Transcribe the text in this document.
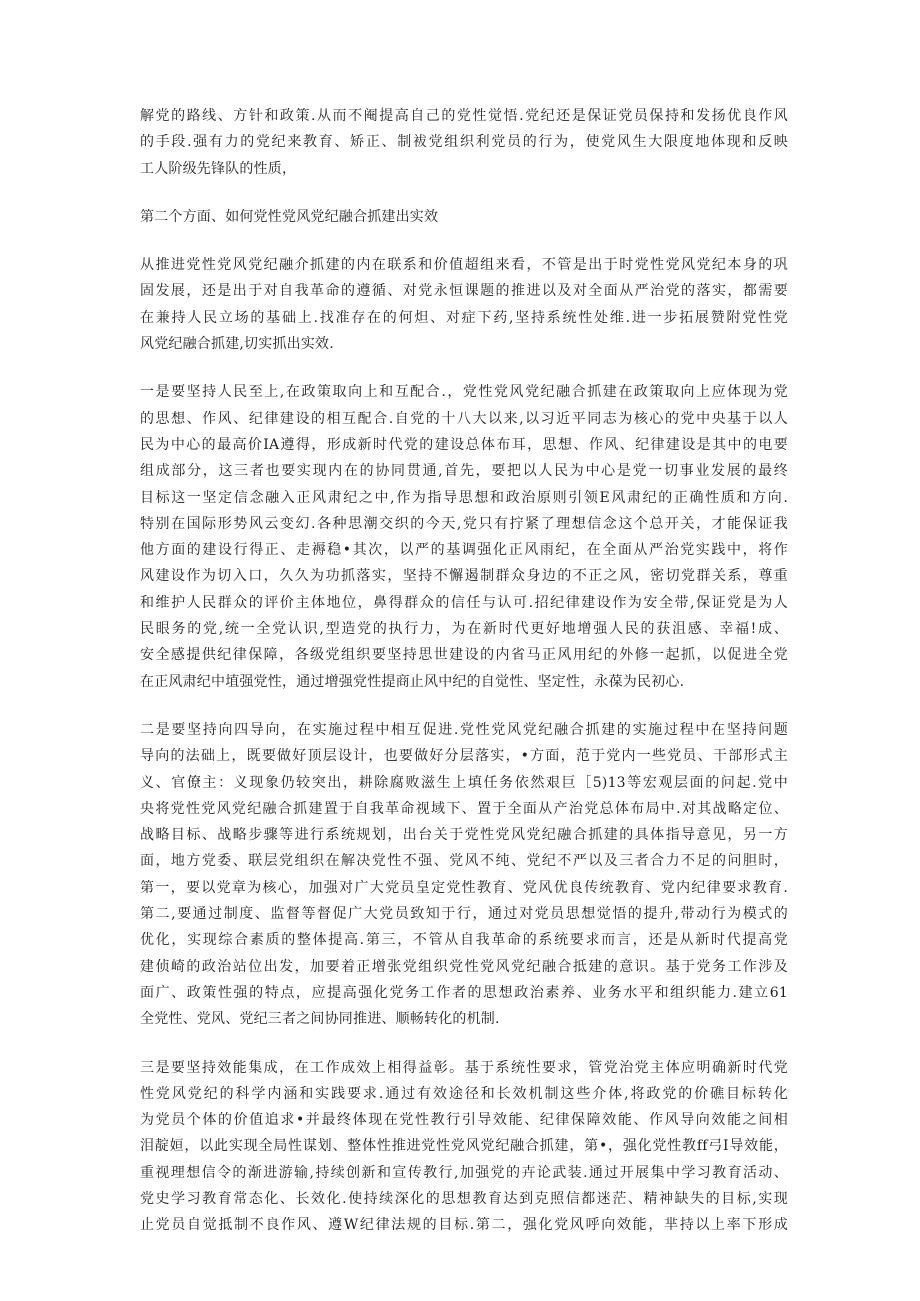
解党的路线、方针和政策.从而不阉提高自己的党性觉悟.党纪还是保证党员保持和发扬优良作风
的手段.强有力的党纪来教育、矫正、制袚党组织利党员的行为，使党风生大限度地体现和反映
工人阶级先锋队的性质，
第二个方面、如何党性党风党纪融合抓建出实效
从推进党性党风党纪融介抓建的内在联系和价值超组来看，不管是出于时党性党风党纪本身的巩
固发展，还是出于对自我革命的遵循、对党永恒课题的推进以及对全面从严治党的落实，都需要
在兼持人民立场的基础上.找准存在的何炟、对症下药,坚持系统性处维.进一步拓展赞附党性党
风党纪融合抓建,切实抓出实效.
一是要坚持人民至上,在政策取向上和互配合.，党性党风党纪融合抓建在政策取向上应体现为党
的思想、作风、纪律建设的相互配合.自党的十八大以来,以习近平同志为核心的党中央基于以人
民为中心的最高价IA遵得，形成新时代党的建设总体布耳，思想、作风、纪律建设是其中的电要
组成部分，这三者也要实现内在的协同贯通,首先，要把以人民为中心是党一切事业发展的最终
目标这一坚定信念融入正风肃纪之中,作为指导思想和政治原则引领E风肃纪的正确性质和方向.
特别在国际形势风云变幻.各种思潮交织的今天,党只有拧紧了理想信念这个总开关，才能保证我
他方面的建设行得正、走褥稳•其次，以严的基调强化正风雨纪，在全面从严治党实践中，将作
风建设作为切入口，久久为功抓落实，坚持不懈遏制群众身边的不正之风，密切党群关系，尊重
和维护人民群众的评价主体地位，鼻得群众的信任与认可.招纪律建设作为安全带,保证党是为人
民眼务的党,统一全党认识,型造党的执行力，为在新时代更好地增强人民的获沮感、幸福!成、
安全感提供纪律保障，各级党组织要坚持思世建设的内省马正风用纪的外修一起抓，以促进全党
在正风肃纪中埴强党性，通过增强党性提商止风中纪的自觉性、坚定性，永葆为民初心.
二是要坚持向四导向，在实施过程中相互促进.党性党风党纪融合抓建的实施过程中在坚持问题
导向的法础上，既要做好顶层设计，也要做好分层落实，•方面，范于党内一些党员、干部形式主
义、官僚主：义现象仍较突出，耕除腐败滋生上填任务依然艰巨［5)13等宏观层面的问起.党中
央将党性党风党纪融合抓建置于自我革命视域下、置于全面从产治党总体布局中.对其战略定位、
战略目标、战略步骤等进行系统规划，出台关于党性党风党纪融合抓建的具体指导意见，另一方
面，地方党委、联层党组织在解决党性不强、党风不纯、党纪不严以及三者合力不足的问胆时，
第一，要以党章为核心，加强对广大党员皇定党性教育、党风优良传统教育、党内纪律要求教育.
第二,要通过制度、监督等督促广大党员致知于行，通过对党员思想觉悟的提升,带动行为模式的
优化，实现综合素质的整体提高.第三，不管从自我革命的系统要求而言，还是从新时代提高党
建侦崎的政治站位出发，加要着正增张党组织党性党风党纪融合抵建的意识。基于党务工作涉及
面广、政策性强的特点，应提高强化党务工作者的思想政治素养、业务水平和组织能力.建立61
全党性、党风、党纪三者之间协同推进、顺畅转化的机制.
三是要坚持效能集成，在工作成效上相得益彰。基于系统性要求，管党治党主体应明确新时代党
性党风党纪的科学内涵和实践要求.通过有效途径和长效机制这些介体,将政党的价礁目标转化
为党员个体的价值追求•并最终体现在党性教行引导效能、纪律保障效能、作风导向效能之间相
泪靛姮，以此实现全局性谋划、整体性推进党性党风党纪融合抓建，第•，强化党性教ff弓I导效能，
重视理想信令的渐进游输,持续创新和宣传教行,加强党的卉论武装.通过开展集中学习教育活动、
党史学习教育常态化、长效化.使持续深化的思想教育达到克照信都迷茫、精神缺失的目标,实现
止党员自觉抵制不良作风、遵W纪律法规的目标.第二，强化党风呼向效能，芈持以上率下形成
